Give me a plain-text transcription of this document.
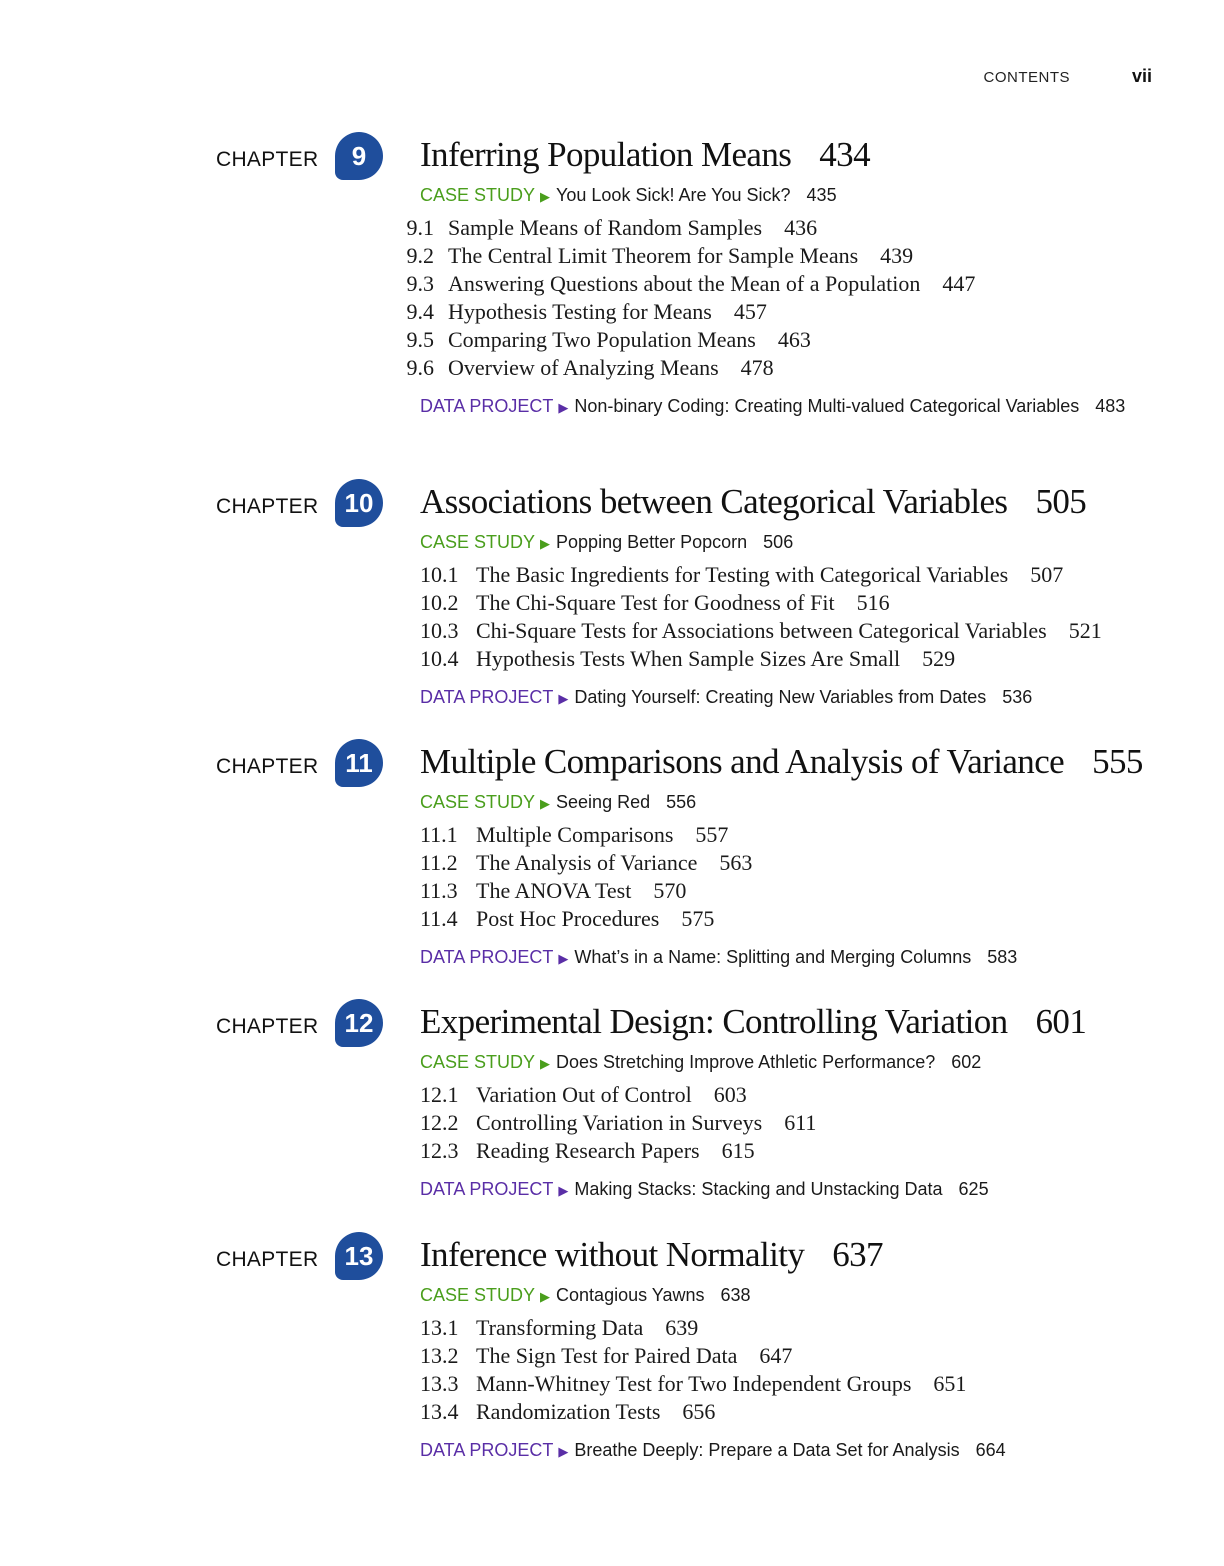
CONTENTS	vii
CHAPTER	9	Inferring Population Means 434
CASE STUDY ▶ You Look Sick! Are You Sick? 435
9.1 Sample Means of Random Samples 436
9.2 The Central Limit Theorem for Sample Means 439
9.3 Answering Questions about the Mean of a Population 447
9.4 Hypothesis Testing for Means 457
9.5 Comparing Two Population Means 463
9.6 Overview of Analyzing Means 478
DATA PROJECT ▶ Non-binary Coding: Creating Multi-valued Categorical Variables 483
CHAPTER	10 Associations between Categorical Variables 505
CASE STUDY ▶ Popping Better Popcorn 506
10.1 The Basic Ingredients for Testing with Categorical Variables 507
10.2 The Chi-Square Test for Goodness of Fit 516
10.3 Chi-Square Tests for Associations between Categorical Variables 521
10.4 Hypothesis Tests When Sample Sizes Are Small 529
DATA PROJECT ▶ Dating Yourself: Creating New Variables from Dates 536
CHAPTER	11 Multiple Comparisons and Analysis of Variance 555
CASE STUDY ▶ Seeing Red 556
11.1 Multiple Comparisons 557
11.2 The Analysis of Variance 563
11.3 The ANOVA Test 570
11.4 Post Hoc Procedures 575
DATA PROJECT ▶ What’s in a Name: Splitting and Merging Columns 583
CHAPTER	12 Experimental Design: Controlling Variation 601
CASE STUDY ▶ Does Stretching Improve Athletic Performance? 602
12.1 Variation Out of Control 603
12.2 Controlling Variation in Surveys 611
12.3 Reading Research Papers 615
DATA PROJECT ▶ Making Stacks: Stacking and Unstacking Data 625
CHAPTER	13 Inference without Normality 637
CASE STUDY ▶ Contagious Yawns 638
13.1 Transforming Data 639
13.2 The Sign Test for Paired Data 647
13.3 Mann-Whitney Test for Two Independent Groups 651
13.4 Randomization Tests 656
DATA PROJECT ▶ Breathe Deeply: Prepare a Data Set for Analysis 664
